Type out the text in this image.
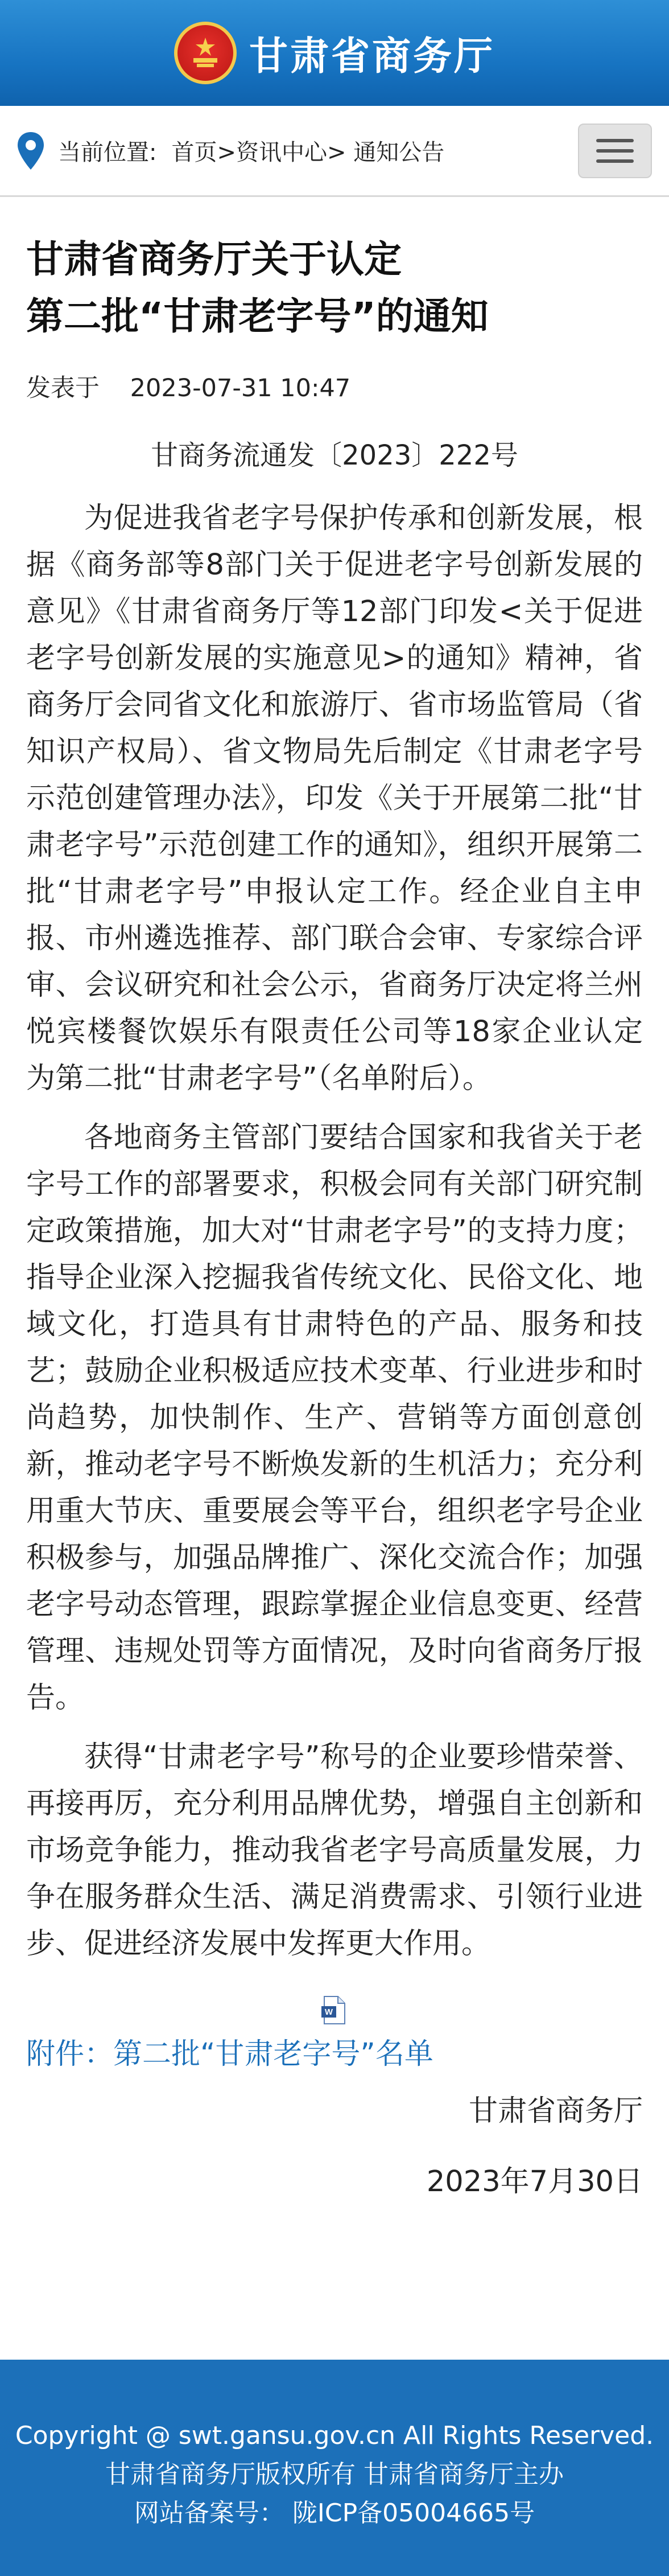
甘肃省商务厅
当前位置: 首页>资讯中心> 通知公告
甘肃省商务厅关于认定
第二批“甘肃老字号”的通知
发表于 2023-07-31 10:47
甘商务流通发〔2023〕222号

为促进我省老字号保护传承和创新发展，根据《商务部等8部门关于促进老字号创新发展的意见》《甘肃省商务厅等12部门印发<关于促进老字号创新发展的实施意见>的通知》精神，省商务厅会同省文化和旅游厅、省市场监管局（省知识产权局）、省文物局先后制定《甘肃老字号示范创建管理办法》，印发《关于开展第二批“甘肃老字号”示范创建工作的通知》，组织开展第二批“甘肃老字号”申报认定工作。经企业自主申报、市州遴选推荐、部门联合会审、专家综合评审、会议研究和社会公示，省商务厅决定将兰州悦宾楼餐饮娱乐有限责任公司等18家企业认定为第二批“甘肃老字号”（名单附后）。

各地商务主管部门要结合国家和我省关于老字号工作的部署要求，积极会同有关部门研究制定政策措施，加大对“甘肃老字号”的支持力度；指导企业深入挖掘我省传统文化、民俗文化、地域文化，打造具有甘肃特色的产品、服务和技艺；鼓励企业积极适应技术变革、行业进步和时尚趋势，加快制作、生产、营销等方面创意创新，推动老字号不断焕发新的生机活力；充分利用重大节庆、重要展会等平台，组织老字号企业积极参与，加强品牌推广、深化交流合作；加强老字号动态管理，跟踪掌握企业信息变更、经营管理、违规处罚等方面情况，及时向省商务厅报告。

获得“甘肃老字号”称号的企业要珍惜荣誉、再接再厉，充分利用品牌优势，增强自主创新和市场竞争能力，推动我省老字号高质量发展，力争在服务群众生活、满足消费需求、引领行业进步、促进经济发展中发挥更大作用。

W
附件：第二批“甘肃老字号”名单
甘肃省商务厅
2023年7月30日
Copyright @ swt.gansu.gov.cn All Rights Reserved.
甘肃省商务厅版权所有 甘肃省商务厅主办
网站备案号： 陇ICP备05004665号
